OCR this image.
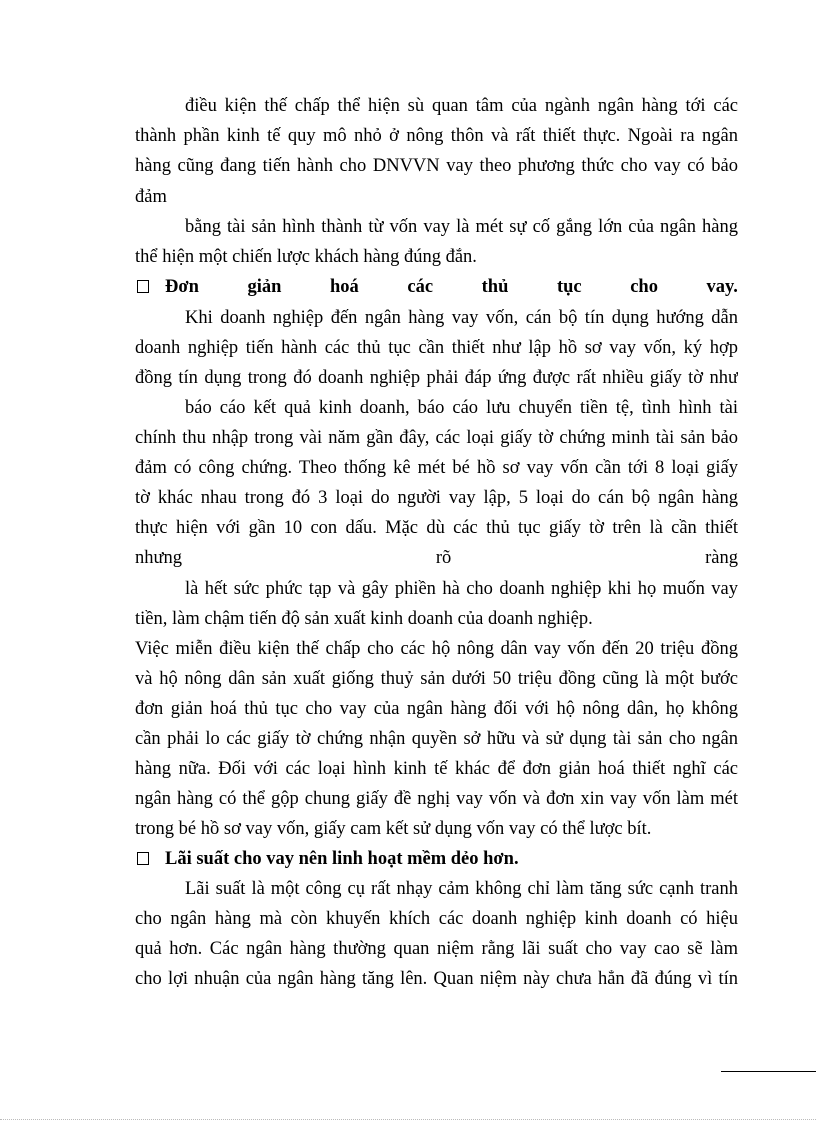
điều kiện thế chấp thể hiện sù quan tâm của ngành ngân hàng tới các
thành phần kinh tế quy mô nhỏ ở nông thôn và rất thiết thực. Ngoài ra ngân
hàng cũng đang tiến hành cho DNVVN vay theo phương thức cho vay có bảo
đảm
bằng tài sản hình thành từ vốn vay là mét sự cố gắng lớn của ngân hàng
thể hiện một chiến lược khách hàng đúng đắn.
Đơn	giản	hoá	các	thủ	tục	cho	vay.
Khi doanh nghiệp đến ngân hàng vay vốn, cán bộ tín dụng hướng dẫn
doanh nghiệp tiến hành các thủ tục cần thiết như lập hồ sơ vay vốn, ký hợp
đồng tín dụng trong đó doanh nghiệp phải đáp ứng được rất nhiều giấy tờ như
báo cáo kết quả kinh doanh, báo cáo lưu chuyển tiền tệ, tình hình tài
chính thu nhập trong vài năm gần đây, các loại giấy tờ chứng minh tài sản bảo
đảm có công chứng. Theo thống kê mét bé hồ sơ vay vốn cần tới 8 loại giấy
tờ khác nhau trong đó 3 loại do người vay lập, 5 loại do cán bộ ngân hàng
thực hiện với gần 10 con dấu. Mặc dù các thủ tục giấy tờ trên là cần thiết
nhưng	rõ	ràng
là hết sức phức tạp và gây phiền hà cho doanh nghiệp khi họ muốn vay
tiền, làm chậm tiến độ sản xuất kinh doanh của doanh nghiệp.
Việc miễn điều kiện thế chấp cho các hộ nông dân vay vốn đến 20 triệu đồng
và hộ nông dân sản xuất giống thuỷ sản dưới 50 triệu đồng cũng là một bước
đơn giản hoá thủ tục cho vay của ngân hàng đối với hộ nông dân, họ không
cần phải lo các giấy tờ chứng nhận quyền sở hữu và sử dụng tài sản cho ngân
hàng nữa. Đối với các loại hình kinh tế khác để đơn giản hoá thiết nghĩ các
ngân hàng có thể gộp chung giấy đề nghị vay vốn và đơn xin vay vốn làm mét
trong bé hồ sơ vay vốn, giấy cam kết sử dụng vốn vay có thể lược bít.
Lãi suất cho vay nên linh hoạt mềm dẻo hơn.
Lãi suất là một công cụ rất nhạy cảm không chỉ làm tăng sức cạnh tranh
cho ngân hàng mà còn khuyến khích các doanh nghiệp kinh doanh có hiệu
quả hơn. Các ngân hàng thường quan niệm rằng lãi suất cho vay cao sẽ làm
cho lợi nhuận của ngân hàng tăng lên. Quan niệm này chưa hẳn đã đúng vì tín
